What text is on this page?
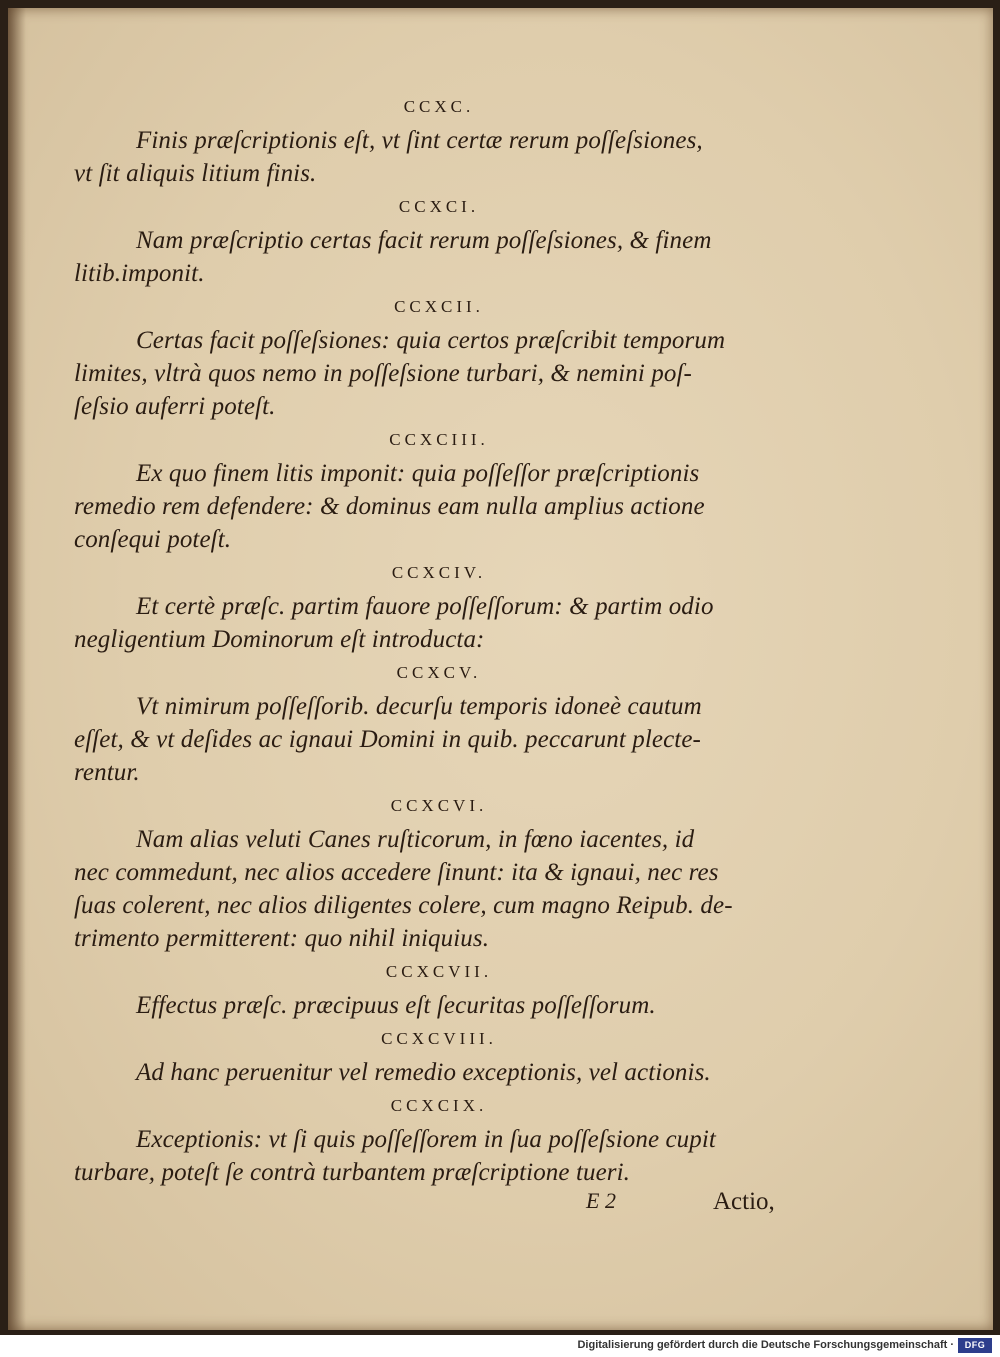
CCXC.
Finis præſcriptionis eſt, vt ſint certæ rerum poſſeſsiones,
vt ſit aliquis litium finis.
CCXCI.
Nam præſcriptio certas facit rerum poſſeſsiones, & finem
litib.imponit.
CCXCII.
Certas facit poſſeſsiones: quia certos præſcribit temporum
limites, vltrà quos nemo in poſſeſsione turbari, & nemini poſ-
ſeſsio auferri poteſt.
CCXCIII.
Ex quo finem litis imponit: quia poſſeſſor præſcriptionis
remedio rem defendere: & dominus eam nulla amplius actione
conſequi poteſt.
CCXCIV.
Et certè præſc. partim fauore poſſeſſorum: & partim odio
negligentium Dominorum eſt introducta:
CCXCV.
Vt nimirum poſſeſſorib. decurſu temporis idoneè cautum
eſſet, & vt deſides ac ignaui Domini in quib. peccarunt plecte-
rentur.
CCXCVI.
Nam alias veluti Canes ruſticorum, in fœno iacentes, id
nec commedunt, nec alios accedere ſinunt: ita & ignaui, nec res
ſuas colerent, nec alios diligentes colere, cum magno Reipub. de-
trimento permitterent: quo nihil iniquius.
CCXCVII.
Effectus præſc. præcipuus eſt ſecuritas poſſeſſorum.
CCXCVIII.
Ad hanc peruenitur vel remedio exceptionis, vel actionis.
CCXCIX.
Exceptionis: vt ſi quis poſſeſſorem in ſua poſſeſsione cupit
turbare, poteſt ſe contrà turbantem præſcriptione tueri.
E 2	Actio,
Digitalisierung gefördert durch die Deutsche Forschungsgemeinschaft ·	DFG
